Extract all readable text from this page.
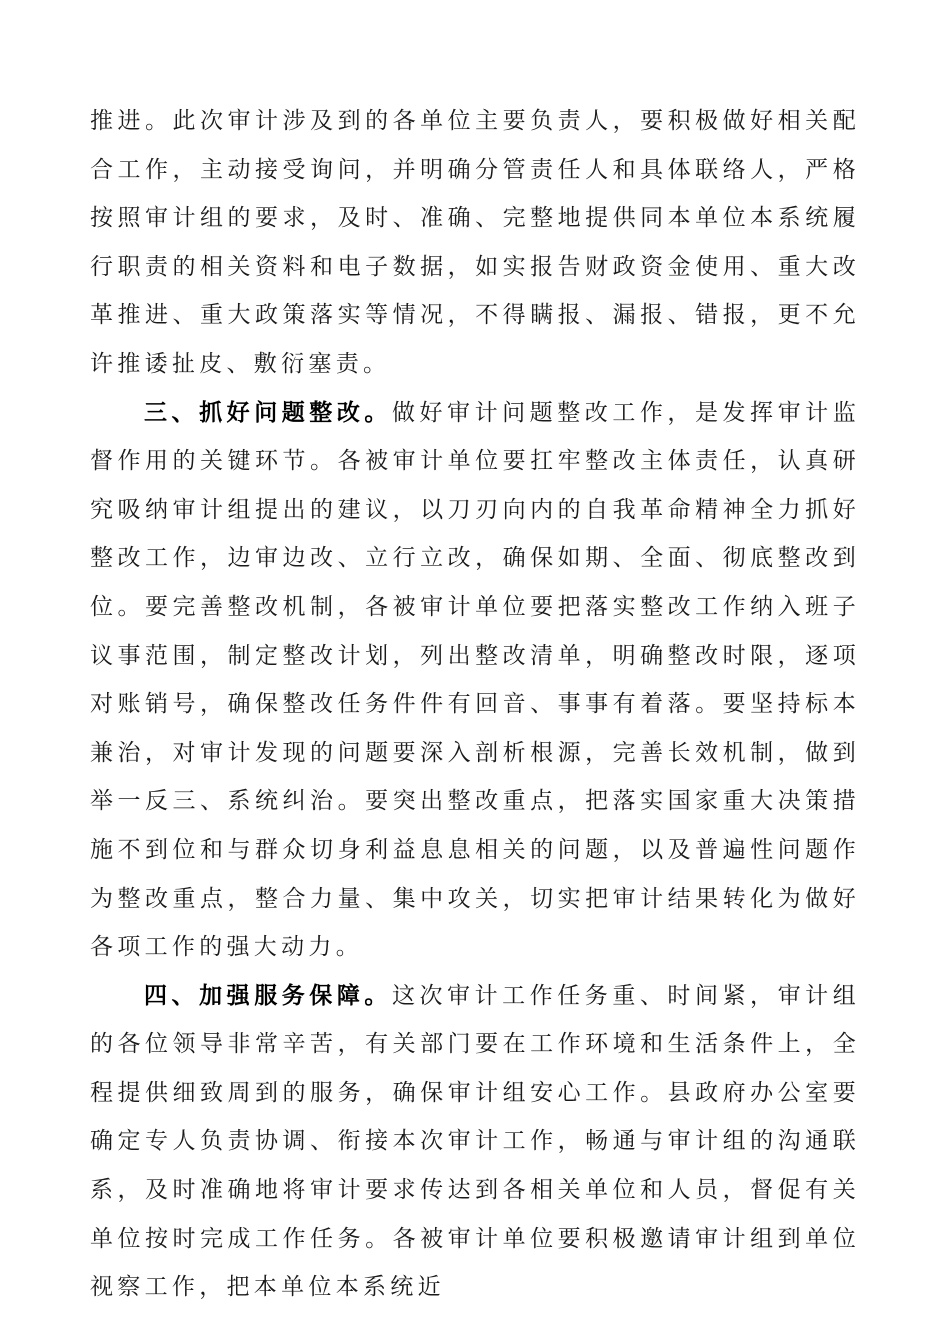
推进。此次审计涉及到的各单位主要负责人，要积极做好相关配合工作，主动接受询问，并明确分管责任人和具体联络人，严格按照审计组的要求，及时、准确、完整地提供同本单位本系统履行职责的相关资料和电子数据，如实报告财政资金使用、重大改革推进、重大政策落实等情况，不得瞒报、漏报、错报，更不允许推诿扯皮、敷衍塞责。

三、抓好问题整改。做好审计问题整改工作，是发挥审计监督作用的关键环节。各被审计单位要扛牢整改主体责任，认真研究吸纳审计组提出的建议，以刀刃向内的自我革命精神全力抓好整改工作，边审边改、立行立改，确保如期、全面、彻底整改到位。要完善整改机制，各被审计单位要把落实整改工作纳入班子议事范围，制定整改计划，列出整改清单，明确整改时限，逐项对账销号，确保整改任务件件有回音、事事有着落。要坚持标本兼治，对审计发现的问题要深入剖析根源，完善长效机制，做到举一反三、系统纠治。要突出整改重点，把落实国家重大决策措施不到位和与群众切身利益息息相关的问题，以及普遍性问题作为整改重点，整合力量、集中攻关，切实把审计结果转化为做好各项工作的强大动力。

四、加强服务保障。这次审计工作任务重、时间紧，审计组的各位领导非常辛苦，有关部门要在工作环境和生活条件上，全程提供细致周到的服务，确保审计组安心工作。县政府办公室要确定专人负责协调、衔接本次审计工作，畅通与审计组的沟通联系，及时准确地将审计要求传达到各相关单位和人员，督促有关单位按时完成工作任务。各被审计单位要积极邀请审计组到单位视察工作，把本单位本系统近
